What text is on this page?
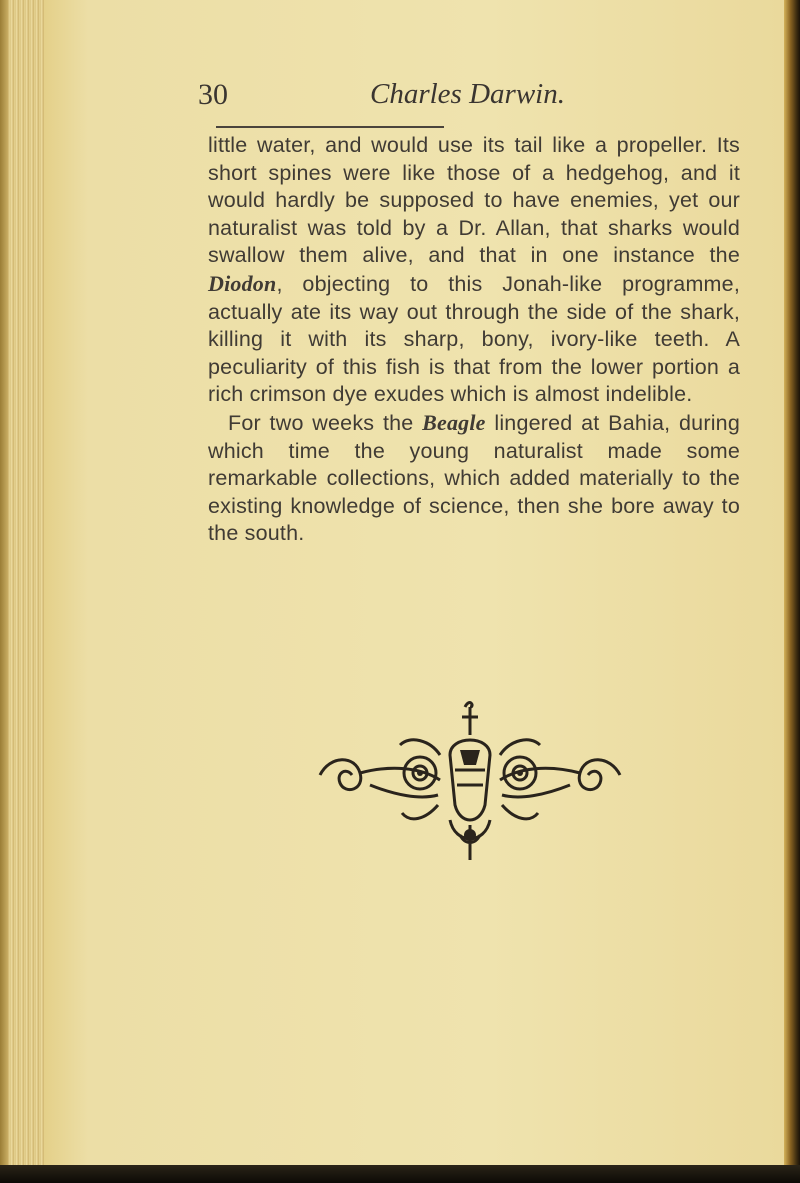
30	Charles Darwin.

little water, and would use its tail like a propeller. Its short spines were like those of a hedgehog, and it would hardly be supposed to have enemies, yet our naturalist was told by a Dr. Allan, that sharks would swallow them alive, and that in one instance the Diodon, objecting to this Jonah-like programme, actually ate its way out through the side of the shark, killing it with its sharp, bony, ivory-like teeth. A peculiarity of this fish is that from the lower portion a rich crimson dye exudes which is almost indelible.

For two weeks the Beagle lingered at Bahia, during which time the young naturalist made some remarkable collections, which added materially to the existing knowledge of science, then she bore away to the south.
